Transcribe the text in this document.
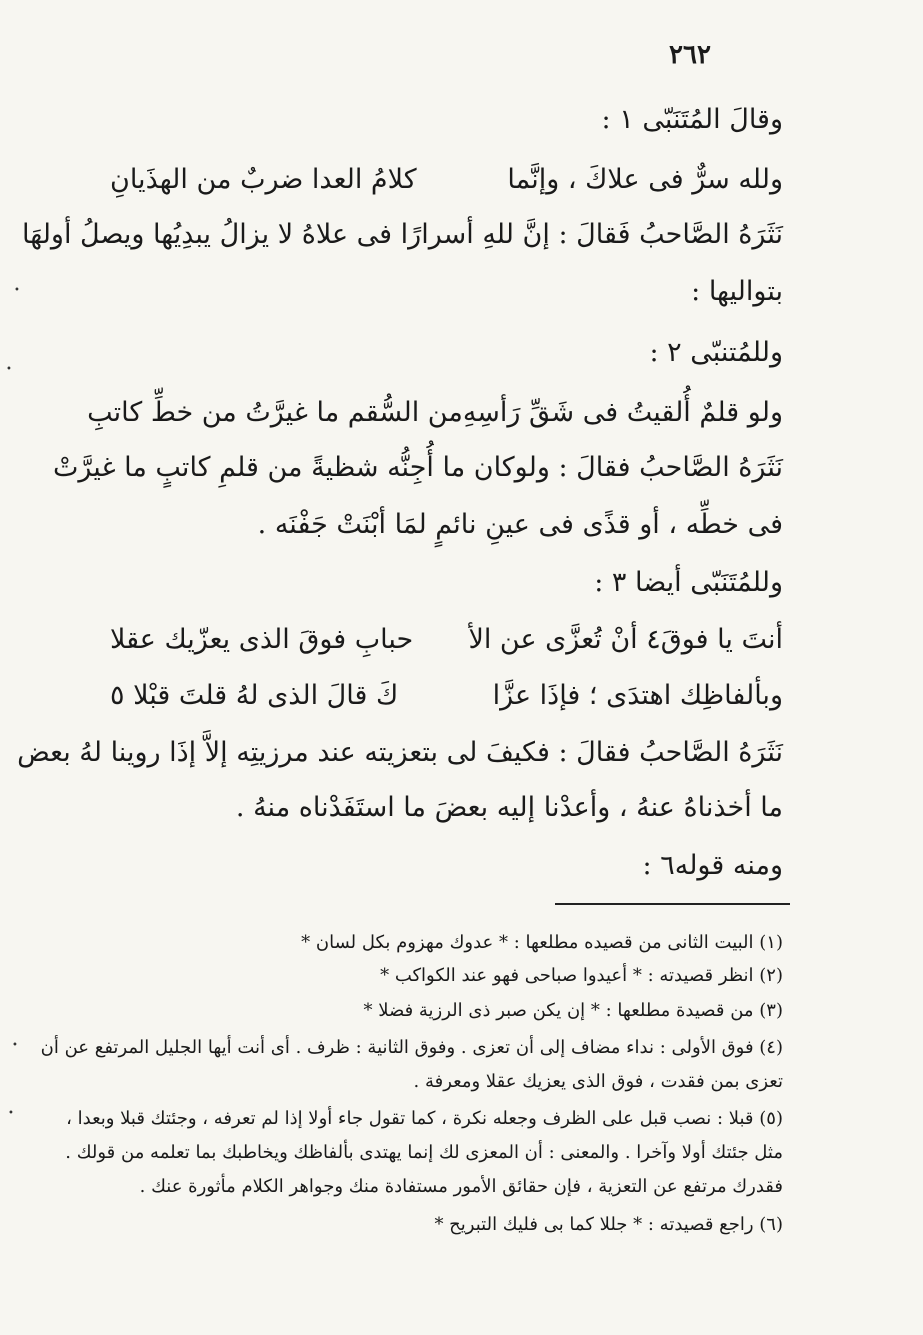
٢٦٢
وقالَ المُتَنَبّى ١ :
ولله سرٌّ فى علاكَ ، وإنَّما
كلامُ العدا ضربٌ من الهذَيانِ
نَثَرَهُ الصَّاحبُ فَقالَ : إنَّ للهِ أسرارًا فى علاهُ لا يزالُ يبدِيُها ويصلُ أولهَا
بتواليها :
وللمُتنبّى ٢ :
ولو قلمٌ أُلقيتُ فى شَقِّ رَأسِهِ
من السُّقم ما غيرَّتُ من خطِّ كاتبِ
نَثَرَهُ الصَّاحبُ فقالَ : ولوكان ما أُجِنُّه شظيةً من قلمِ كاتبٍ ما غيرَّتْ
فى خطِّه ، أو قذًى فى عينِ نائمٍ لمَا أبْنَتْ جَفْنَه .
وللمُتَنَبّى أيضا ٣ :
أنتَ يا فوقَ٤ أنْ تُعزَّى عن الأ
حبابِ فوقَ الذى يعزّيك عقلا
وبألفاظِك اهتدَى ؛ فإذَا عزَّا
كَ قالَ الذى لهُ قلتَ قبْلا ٥
نَثَرَهُ الصَّاحبُ فقالَ : فكيفَ لى بتعزيته عند مرزيتِه إلاَّ إذَا روينا لهُ بعض
ما أخذناهُ عنهُ ، وأعدْنا إليه بعضَ ما استَفَدْناه منهُ .
ومنه قوله٦ :
(١) البيت الثانى من قصيده مطلعها : * عدوك مهزوم بكل لسان *
(٢) انظر قصيدته : * أعيدوا صباحى فهو عند الكواكب *
(٣) من قصيدة مطلعها : * إن يكن صبر ذى الرزية فضلا *
(٤) فوق الأولى : نداء مضاف إلى أن تعزى . وفوق الثانية : ظرف . أى أنت أيها الجليل المرتفع عن أن
تعزى بمن فقدت ، فوق الذى يعزيك عقلا ومعرفة .
(٥) قبلا : نصب قبل على الظرف وجعله نكرة ، كما تقول جاء أولا إذا لم تعرفه ، وجئتك قبلا وبعدا ،
مثل جئتك أولا وآخرا . والمعنى : أن المعزى لك إنما يهتدى بألفاظك ويخاطبك بما تعلمه من قولك .
فقدرك مرتفع عن التعزية ، فإن حقائق الأمور مستفادة منك وجواهر الكلام مأثورة عنك .
(٦) راجع قصيدته : * جللا كما بى فليك التبريح *
•
•
•
•
